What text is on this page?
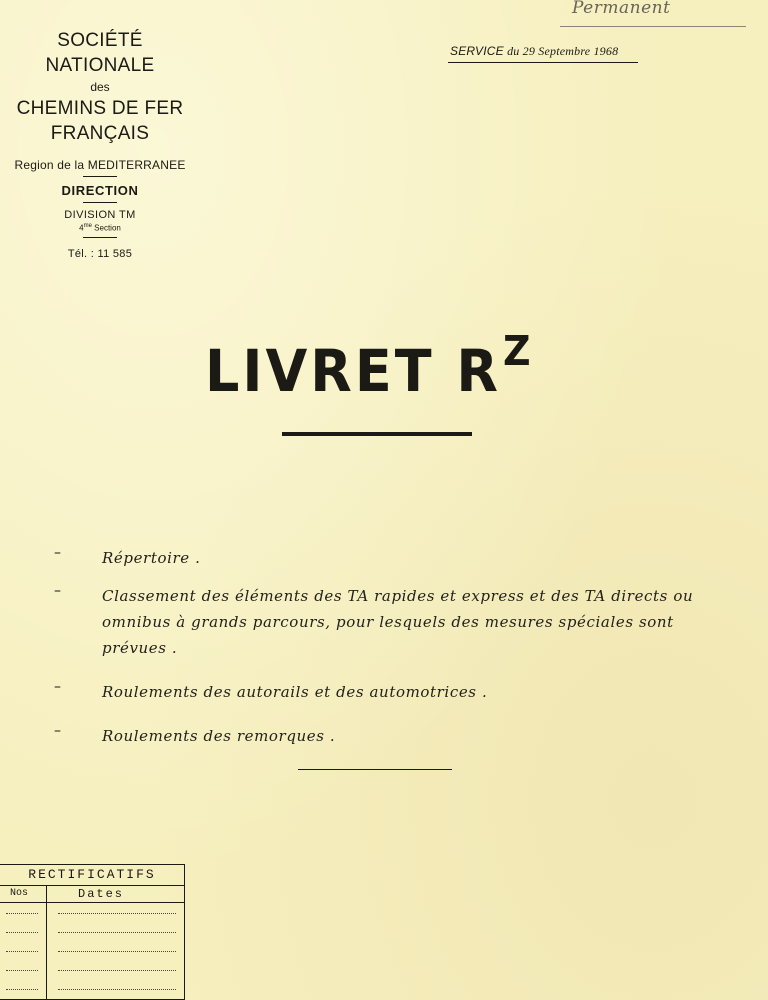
Permanent
SOCIÉTÉ
NATIONALE
des
CHEMINS DE FER
FRANÇAIS
Region de la MEDITERRANEE
DIRECTION
DIVISION TM
$4^{me}$ Section
Tél. : 11 585
SERVICE du 29 Septembre 1968
LIVRET $R^Z$
–	Répertoire .
–	Classement des éléments des TA rapides et express et des TA directs ou omnibus à grands parcours, pour lesquels des mesures spéciales sont prévues .
–	Roulements des autorails et des automotrices .
–	Roulements des remorques .
RECTIFICATIFS
Nos	Dates
